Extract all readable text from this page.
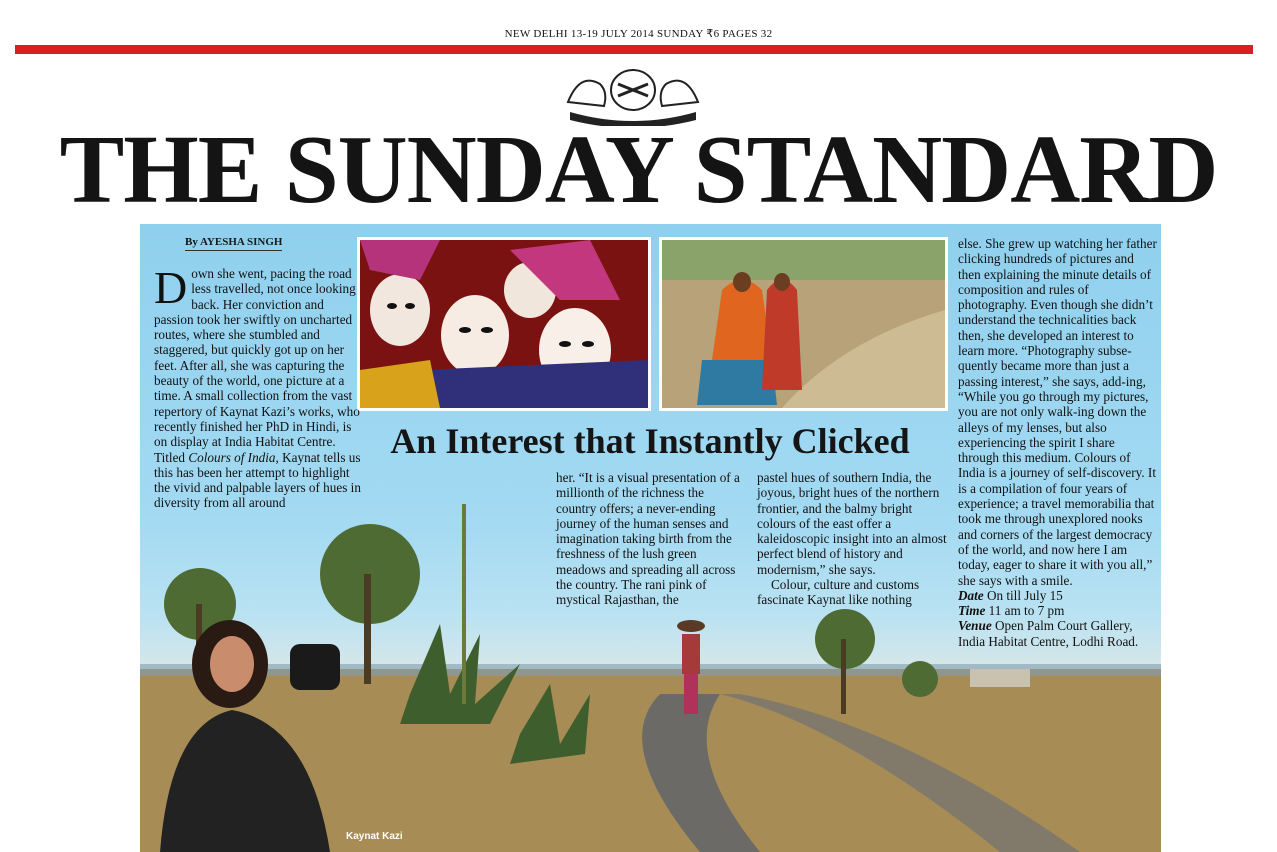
NEW DELHI 13-19 JULY 2014 SUNDAY ₹6 PAGES 32
THE SUNDAY STANDARD
By AYESHA SINGH
Down she went, pacing the road less travelled, not once looking back. Her conviction and passion took her swiftly on uncharted routes, where she stumbled and staggered, but quickly got up on her feet. After all, she was capturing the beauty of the world, one picture at a time. A small collection from the vast repertory of Kaynat Kazi’s works, who recently finished her PhD in Hindi, is on display at India Habitat Centre. Titled Colours of India, Kaynat tells us this has been her attempt to highlight the vivid and palpable layers of hues in diversity from all around
An Interest that Instantly Clicked
her. “It is a visual presentation of a millionth of the richness the country offers; a never-ending journey of the human senses and imagination taking birth from the freshness of the lush green meadows and spreading all across the country. The rani pink of mystical Rajasthan, the
pastel hues of southern India, the joyous, bright hues of the northern frontier, and the balmy bright colours of the east offer a kaleidoscopic insight into an almost perfect blend of history and modernism,” she says.
Colour, culture and customs fascinate Kaynat like nothing
else. She grew up watching her father clicking hundreds of pictures and then explaining the minute details of composition and rules of photography. Even though she didn’t understand the technicalities back then, she developed an interest to learn more. “Photography subse-quently became more than just a passing interest,” she says, add-ing, “While you go through my pictures, you are not only walk-ing down the alleys of my lenses, but also experiencing the spirit I share through this medium. Colours of India is a journey of self-discovery. It is a compilation of four years of experience; a travel memorabilia that took me through unexplored nooks and corners of the largest democracy of the world, and now here I am today, eager to share it with you all,” she says with a smile.
Date On till July 15
Time 11 am to 7 pm
Venue Open Palm Court Gallery, India Habitat Centre, Lodhi Road.
Kaynat Kazi
